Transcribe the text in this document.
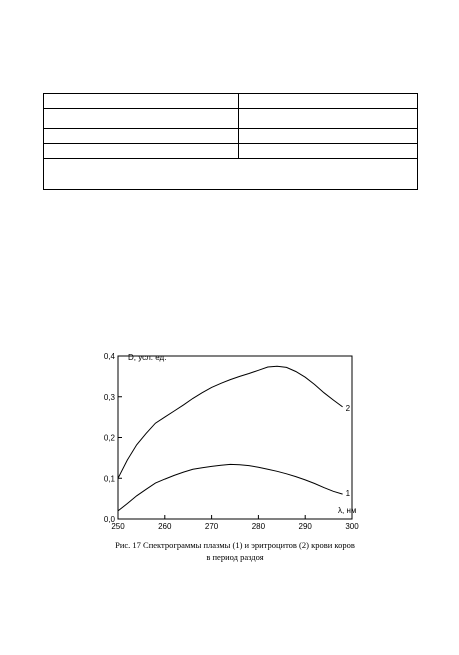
250	260	270	280	290	300
0,0
0,1
0,2
0,3
0,4
1
2
D, усл. ед.
λ, нм
Рис. 17 Спектрограммы плазмы (1) и эритроцитов (2) крови коров
в период раздоя
